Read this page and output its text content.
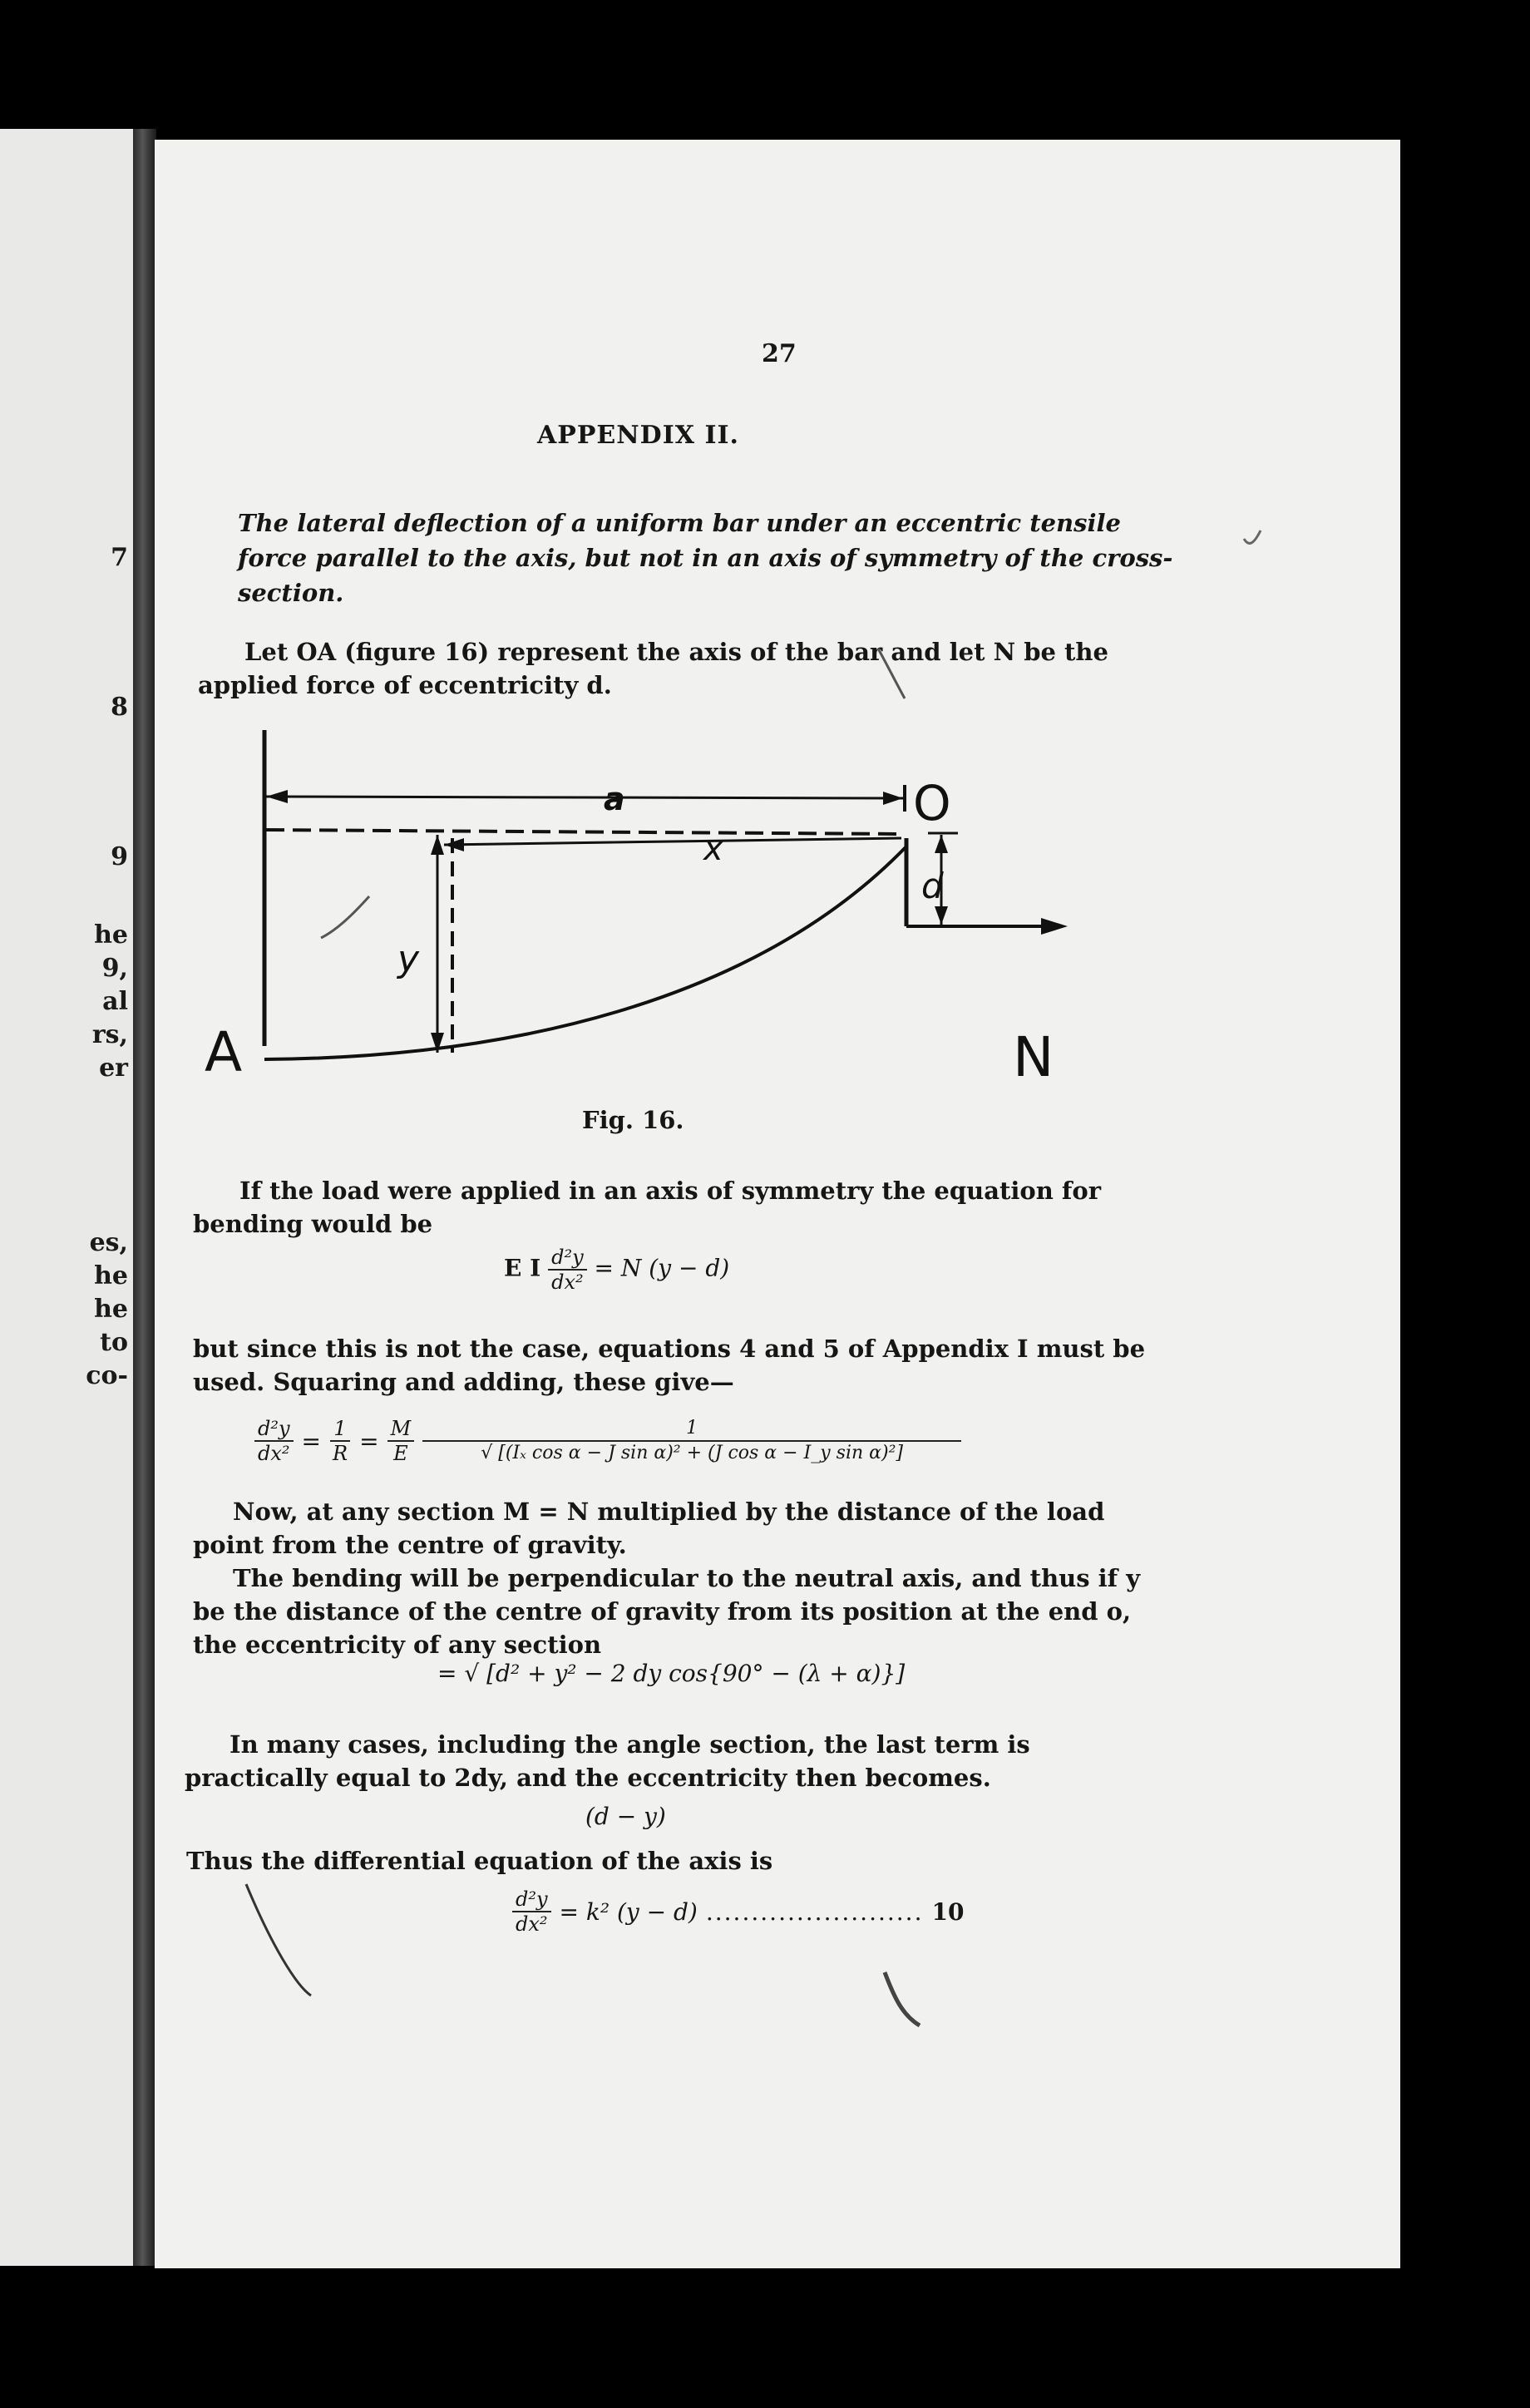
7
8
9
he
9,
al
rs,
er
es,
he
he
to
co-

27

APPENDIX II.

The lateral deflection of a uniform bar under an eccentric tensile force parallel to the axis, but not in an axis of symmetry of the cross-section.

Let OA (figure 16) represent the axis of the bar and let N be the applied force of eccentricity d.

a
x
y
d
A
O
N

Fig. 16.

If the load were applied in an axis of symmetry the equation for bending would be

E I $\frac{\text{d²y}}{\text{dx²}} = N$ (y − d)

but since this is not the case, equations 4 and 5 of Appendix I must be used. Squaring and adding, these give—

$\frac{\text{d²y}}{\text{dx²}} = \frac{1}{R} = \frac{M}{E} \frac{1}{\text{√ [(Iₓ cos α − J sin α)² + (J cos α − I\_y sin α)²]}}$

Now, at any section M = N multiplied by the distance of the load point from the centre of gravity.

The bending will be perpendicular to the neutral axis, and thus if y be the distance of the centre of gravity from its position at the end o, the eccentricity of any section

= √ [d² + y² − 2 dy cos{90° − (λ + α)}]

In many cases, including the angle section, the last term is practically equal to 2dy, and the eccentricity then becomes.

(d − y)

Thus the differential equation of the axis is

$\frac{\text{d²y}}{\text{dx²}} = k^2$ (y − d) ........................ 10
